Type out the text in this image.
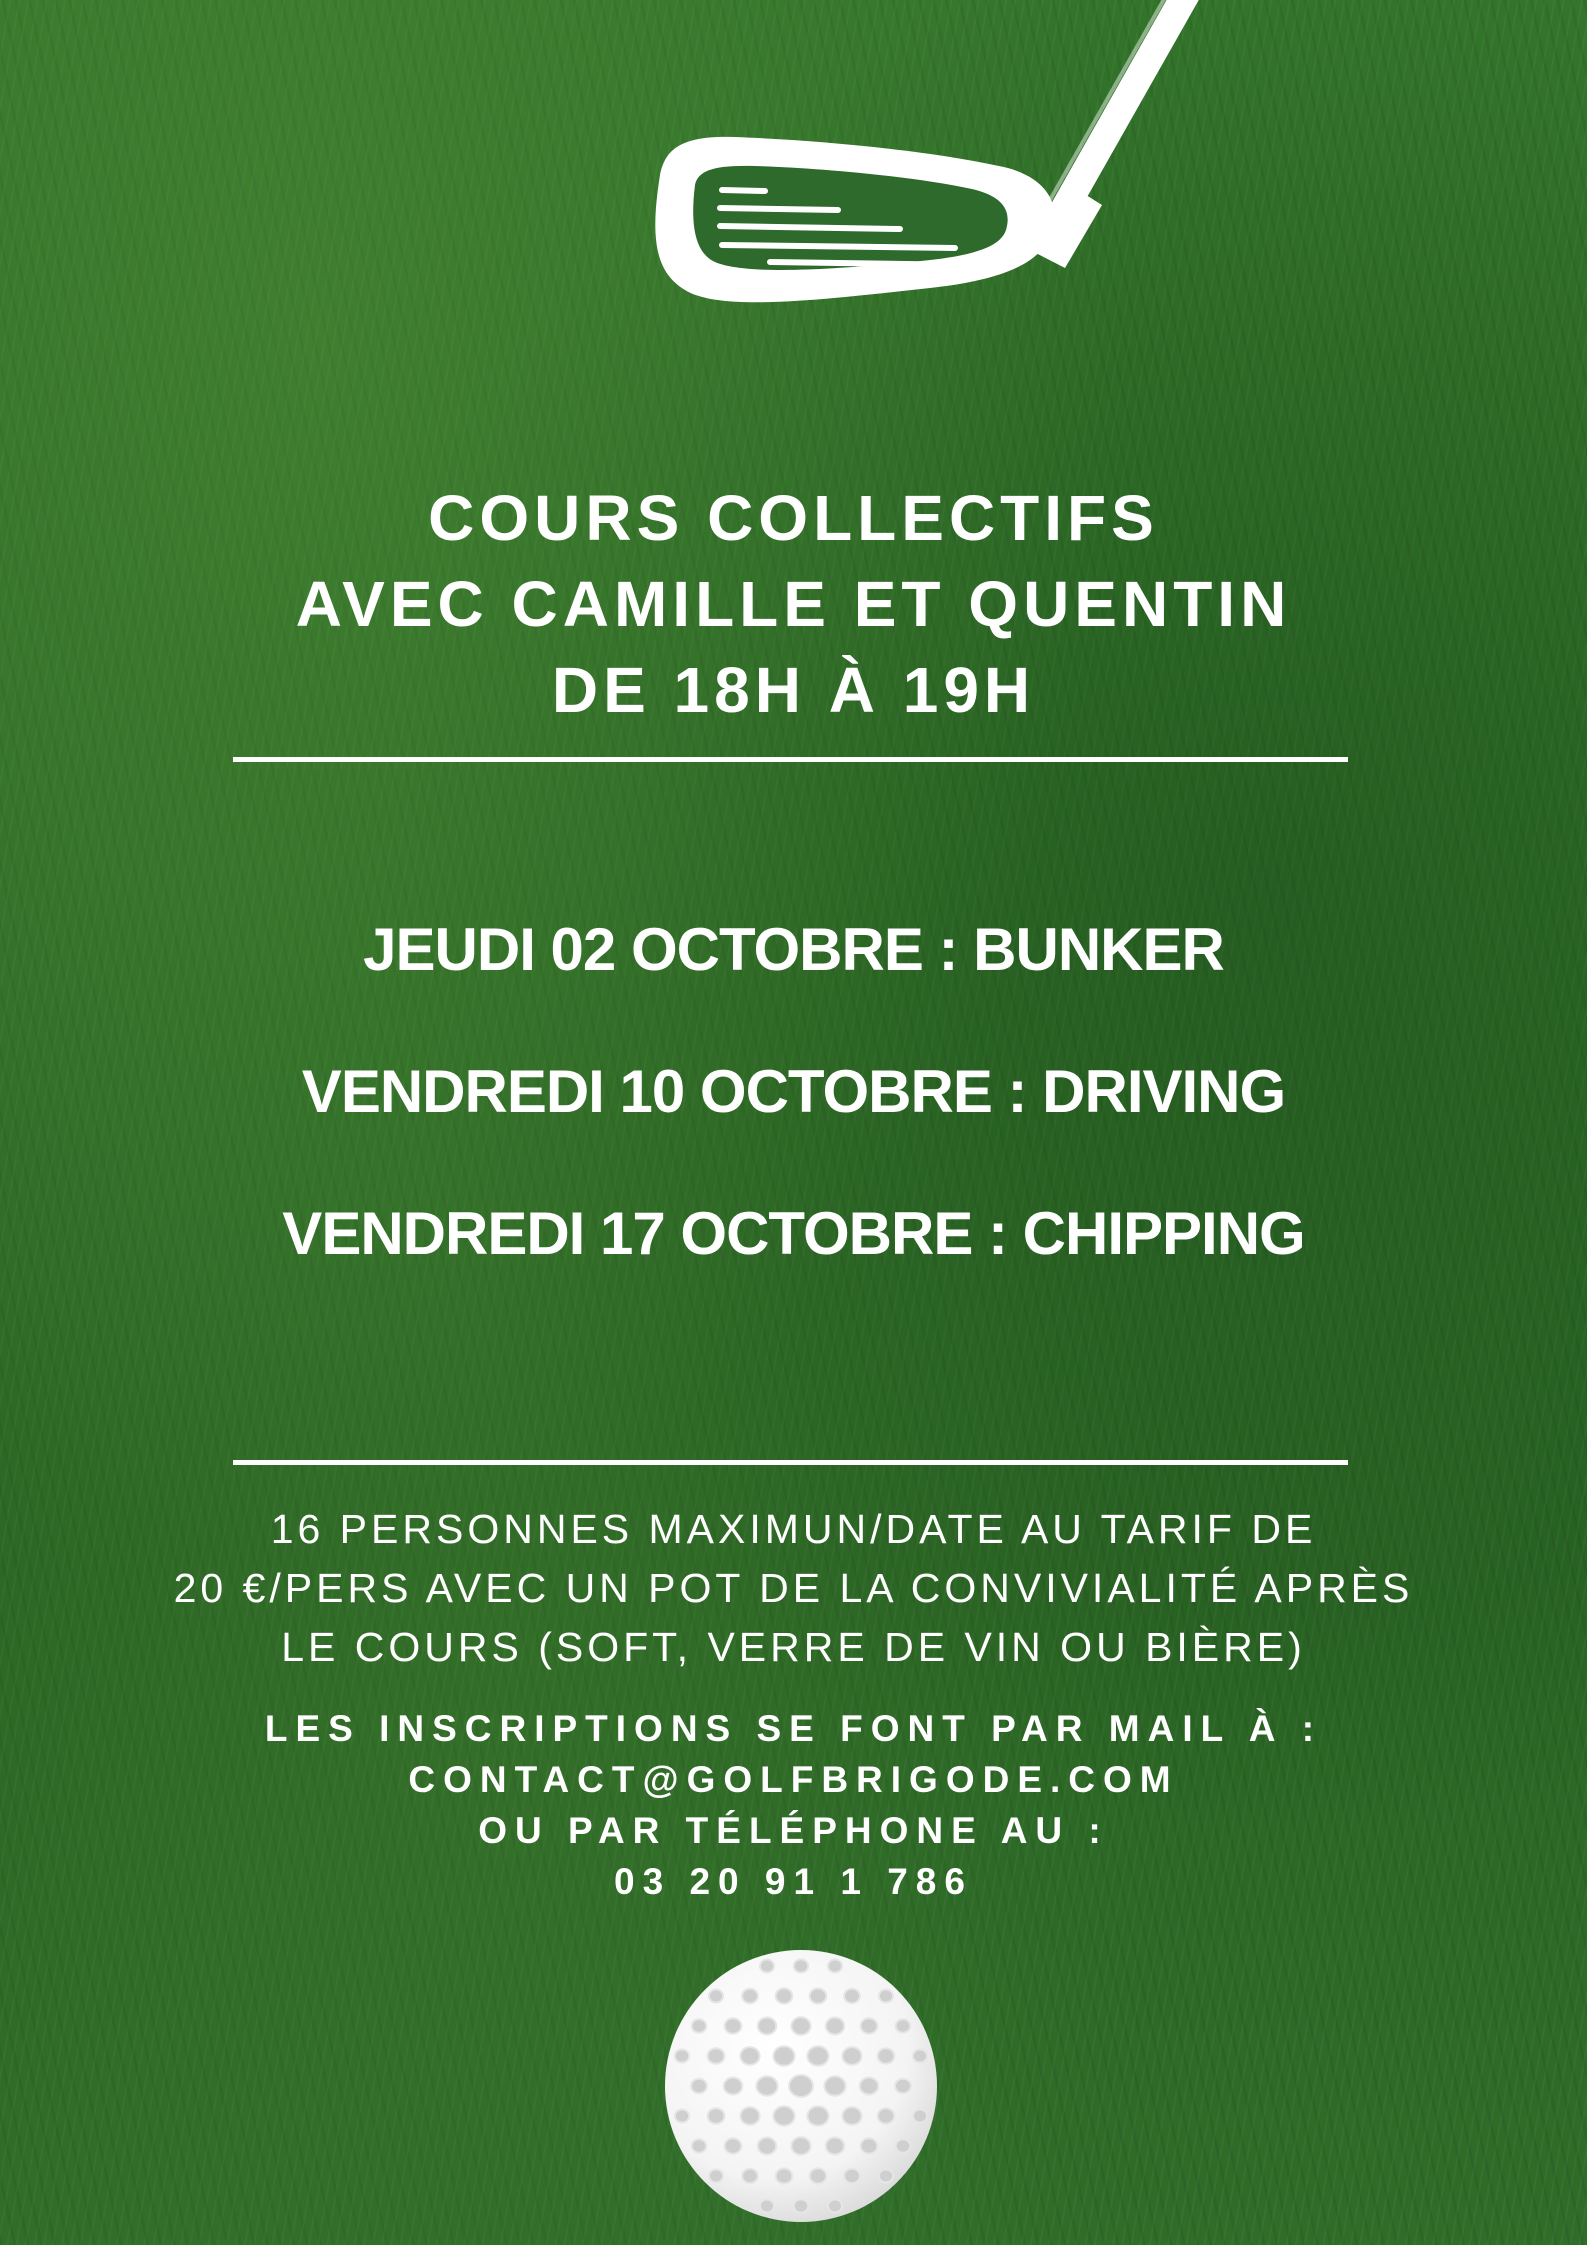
COURS COLLECTIFS
AVEC CAMILLE ET QUENTIN
DE 18H À 19H
JEUDI 02 OCTOBRE : BUNKER
VENDREDI 10 OCTOBRE : DRIVING
VENDREDI 17 OCTOBRE : CHIPPING
16 PERSONNES MAXIMUN/DATE AU TARIF DE
20 €/PERS AVEC UN POT DE LA CONVIVIALITÉ APRÈS
LE COURS (SOFT, VERRE DE VIN OU BIÈRE)
LES INSCRIPTIONS SE FONT PAR MAIL À :
CONTACT@GOLFBRIGODE.COM
OU PAR TÉLÉPHONE AU :
03 20 91 1 786
